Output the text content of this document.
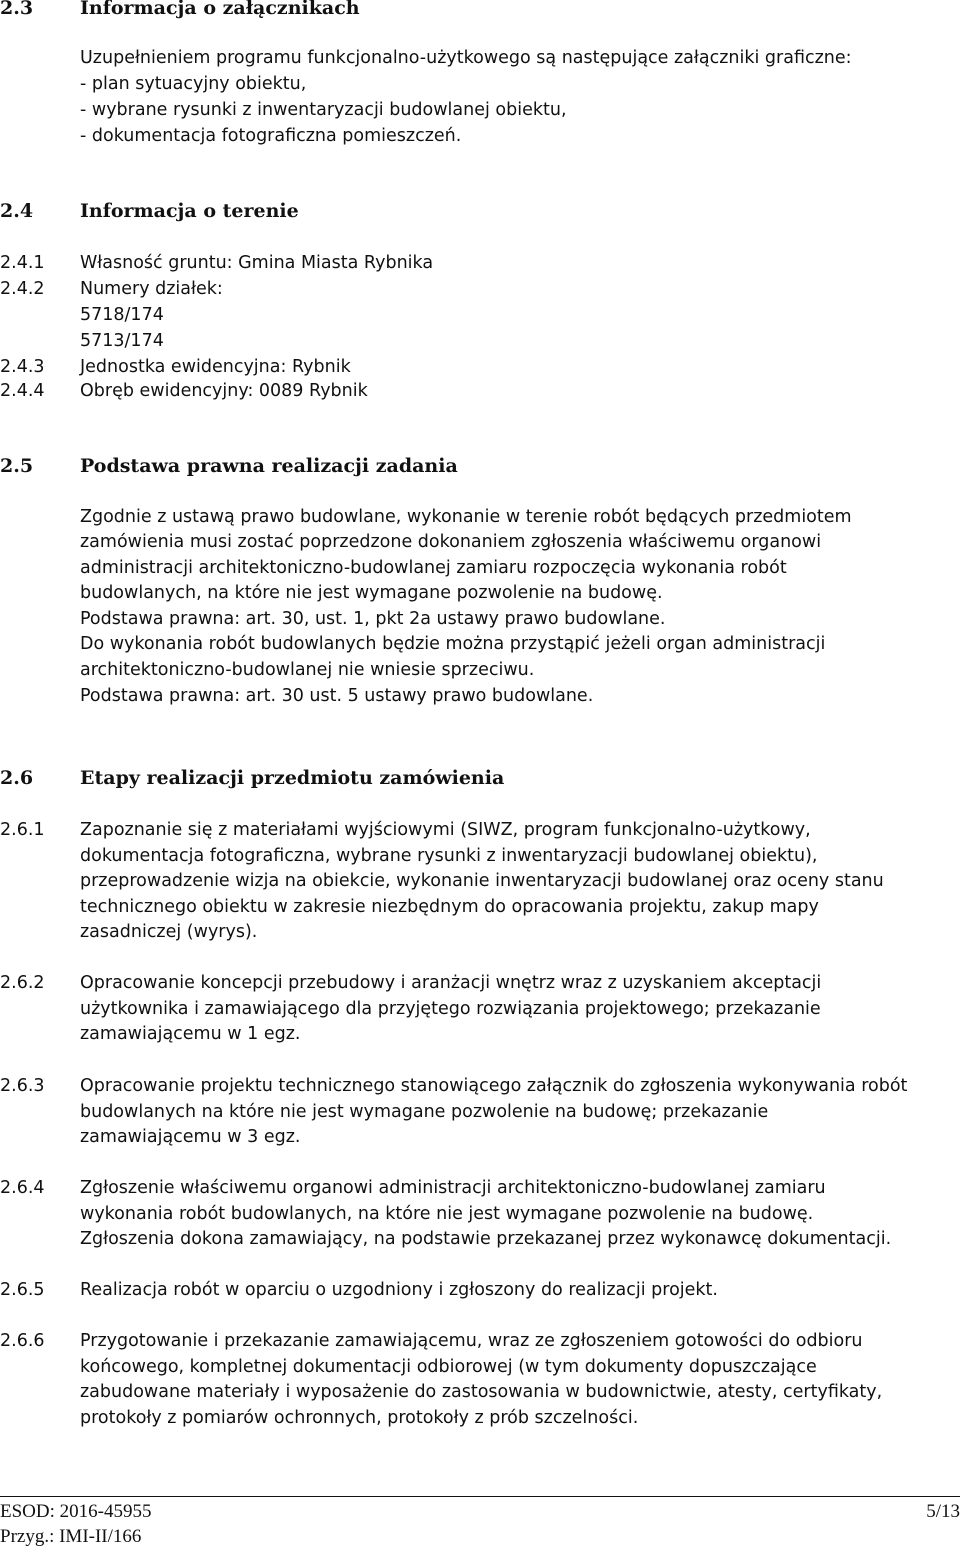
2.3 Informacja o załącznikach
Uzupełnieniem programu funkcjonalno-użytkowego są następujące załączniki graficzne:
- plan sytuacyjny obiektu,
- wybrane rysunki z inwentaryzacji budowlanej obiektu,
- dokumentacja fotograficzna pomieszczeń.
2.4 Informacja o terenie
2.4.1 Własność gruntu: Gmina Miasta Rybnika
2.4.2 Numery działek:
5718/174
5713/174
2.4.3 Jednostka ewidencyjna: Rybnik
2.4.4 Obręb ewidencyjny: 0089 Rybnik
2.5 Podstawa prawna realizacji zadania
Zgodnie z ustawą prawo budowlane, wykonanie w terenie robót będących przedmiotem
zamówienia musi zostać poprzedzone dokonaniem zgłoszenia właściwemu organowi
administracji architektoniczno-budowlanej zamiaru rozpoczęcia wykonania robót
budowlanych, na które nie jest wymagane pozwolenie na budowę.
Podstawa prawna: art. 30, ust. 1, pkt 2a ustawy prawo budowlane.
Do wykonania robót budowlanych będzie można przystąpić jeżeli organ administracji
architektoniczno-budowlanej nie wniesie sprzeciwu.
Podstawa prawna: art. 30 ust. 5 ustawy prawo budowlane.
2.6 Etapy realizacji przedmiotu zamówienia
2.6.1 Zapoznanie się z materiałami wyjściowymi (SIWZ, program funkcjonalno-użytkowy,
dokumentacja fotograficzna, wybrane rysunki z inwentaryzacji budowlanej obiektu),
przeprowadzenie wizja na obiekcie, wykonanie inwentaryzacji budowlanej oraz oceny stanu
technicznego obiektu w zakresie niezbędnym do opracowania projektu, zakup mapy
zasadniczej (wyrys).
2.6.2 Opracowanie koncepcji przebudowy i aranżacji wnętrz wraz z uzyskaniem akceptacji
użytkownika i zamawiającego dla przyjętego rozwiązania projektowego; przekazanie
zamawiającemu w 1 egz.
2.6.3 Opracowanie projektu technicznego stanowiącego załącznik do zgłoszenia wykonywania robót
budowlanych na które nie jest wymagane pozwolenie na budowę; przekazanie
zamawiającemu w 3 egz.
2.6.4 Zgłoszenie właściwemu organowi administracji architektoniczno-budowlanej zamiaru
wykonania robót budowlanych, na które nie jest wymagane pozwolenie na budowę.
Zgłoszenia dokona zamawiający, na podstawie przekazanej przez wykonawcę dokumentacji.
2.6.5 Realizacja robót w oparciu o uzgodniony i zgłoszony do realizacji projekt.
2.6.6 Przygotowanie i przekazanie zamawiającemu, wraz ze zgłoszeniem gotowości do odbioru
końcowego, kompletnej dokumentacji odbiorowej (w tym dokumenty dopuszczające
zabudowane materiały i wyposażenie do zastosowania w budownictwie, atesty, certyfikaty,
protokoły z pomiarów ochronnych, protokoły z prób szczelności.
ESOD: 2016-45955	5/13
Przyg.: IMI-II/166
